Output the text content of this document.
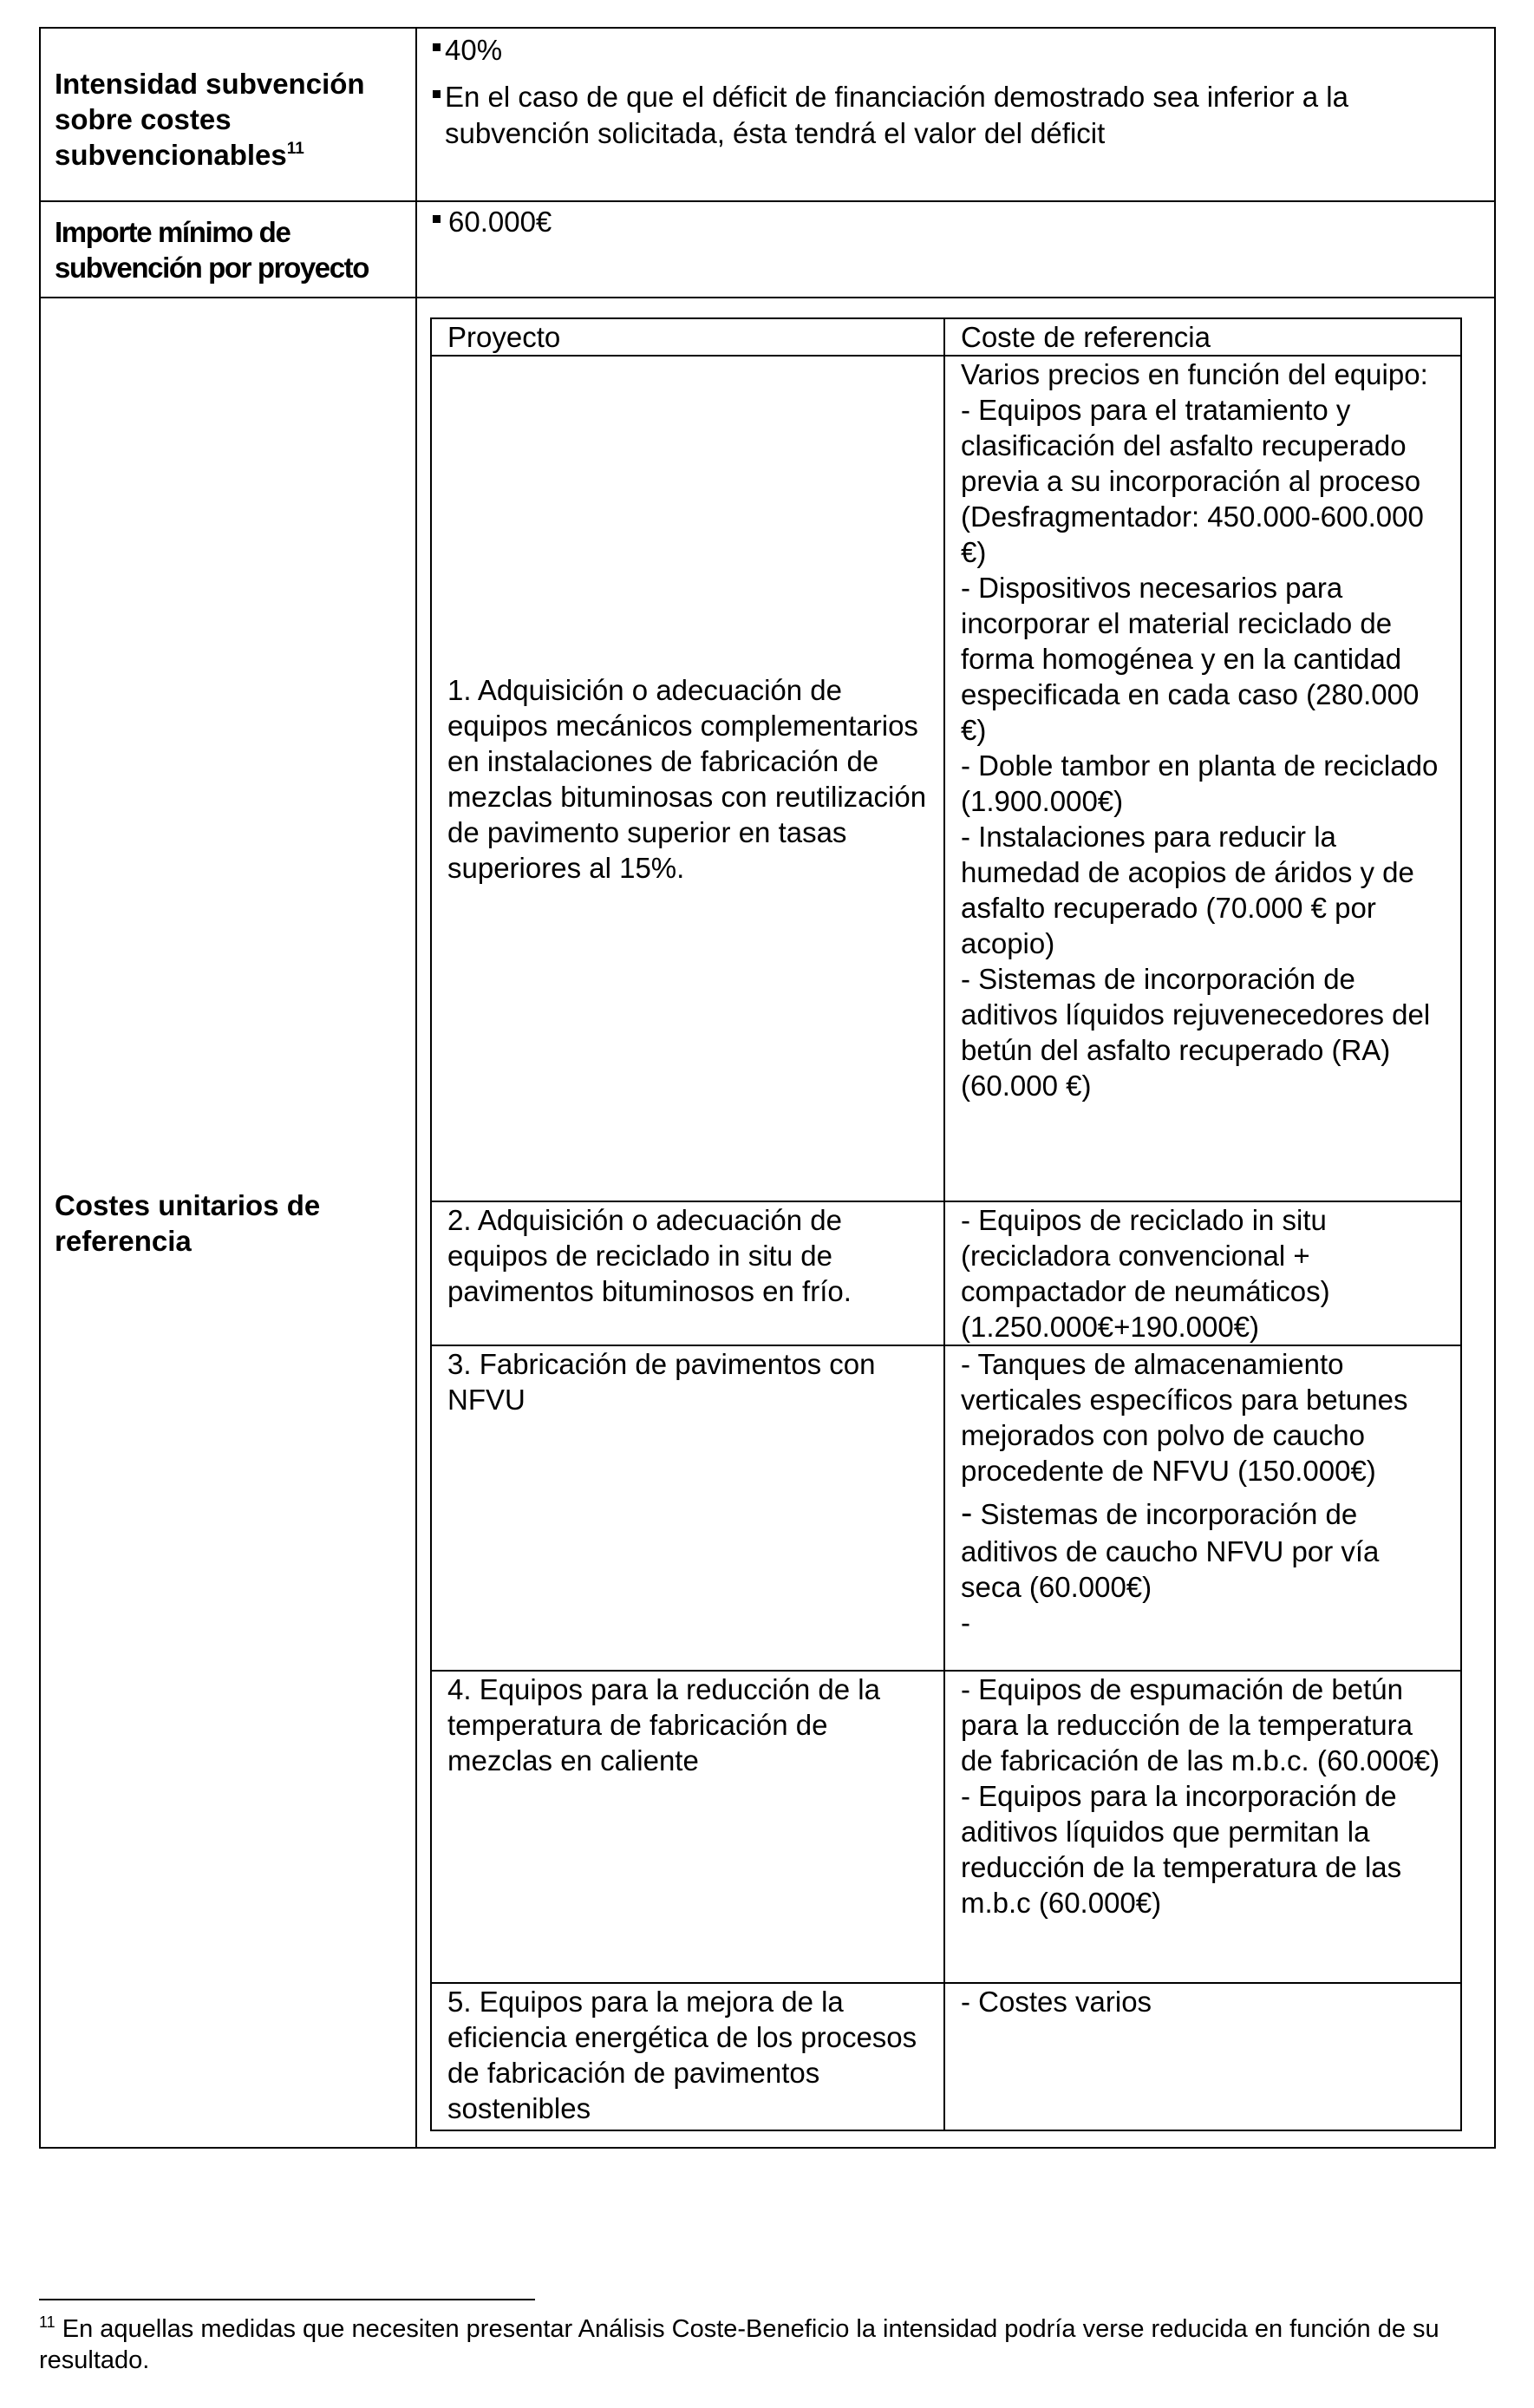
Intensidad subvención sobre costes subvencionables$^{11}$

40%
En el caso de que el déficit de financiación demostrado sea inferior a la subvención solicitada, ésta tendrá el valor del déficit

Importe mínimo de subvención por proyecto

60.000€

Costes unitarios de referencia

Proyecto	Coste de referencia
1. Adquisición o adecuación de equipos mecánicos complementarios en instalaciones de fabricación de mezclas bituminosas con reutilización de pavimento superior en tasas superiores al 15%.	
Varios precios en función del equipo:
- Equipos para el tratamiento y clasificación del asfalto recuperado previa a su incorporación al proceso (Desfragmentador: 450.000-600.000 €)
- Dispositivos necesarios para incorporar el material reciclado de forma homogénea y en la cantidad especificada en cada caso (280.000 €)
- Doble tambor en planta de reciclado (1.900.000€)
- Instalaciones para reducir la humedad de acopios de áridos y de asfalto recuperado (70.000 € por acopio)
- Sistemas de incorporación de aditivos líquidos rejuvenecedores del betún del asfalto recuperado (RA) (60.000 €)

2. Adquisición o adecuación de equipos de reciclado in situ de pavimentos bituminosos en frío.	
- Equipos de reciclado in situ (recicladora convencional + compactador de neumáticos) (1.250.000€+190.000€)

3. Fabricación de pavimentos con NFVU	
- Tanques de almacenamiento verticales específicos para betunes mejorados con polvo de caucho procedente de NFVU (150.000€)
- Sistemas de incorporación de aditivos de caucho NFVU por vía seca (60.000€)
-

4. Equipos para la reducción de la temperatura de fabricación de mezclas en caliente	
- Equipos de espumación de betún para la reducción de la temperatura de fabricación de las m.b.c. (60.000€)
- Equipos para la incorporación de aditivos líquidos que permitan la reducción de la temperatura de las m.b.c (60.000€)

5. Equipos para la mejora de la eficiencia energética de los procesos de fabricación de pavimentos sostenibles	
- Costes varios
$^{11}$ En aquellas medidas que necesiten presentar Análisis Coste-Beneficio la intensidad podría verse reducida en función de su resultado.
